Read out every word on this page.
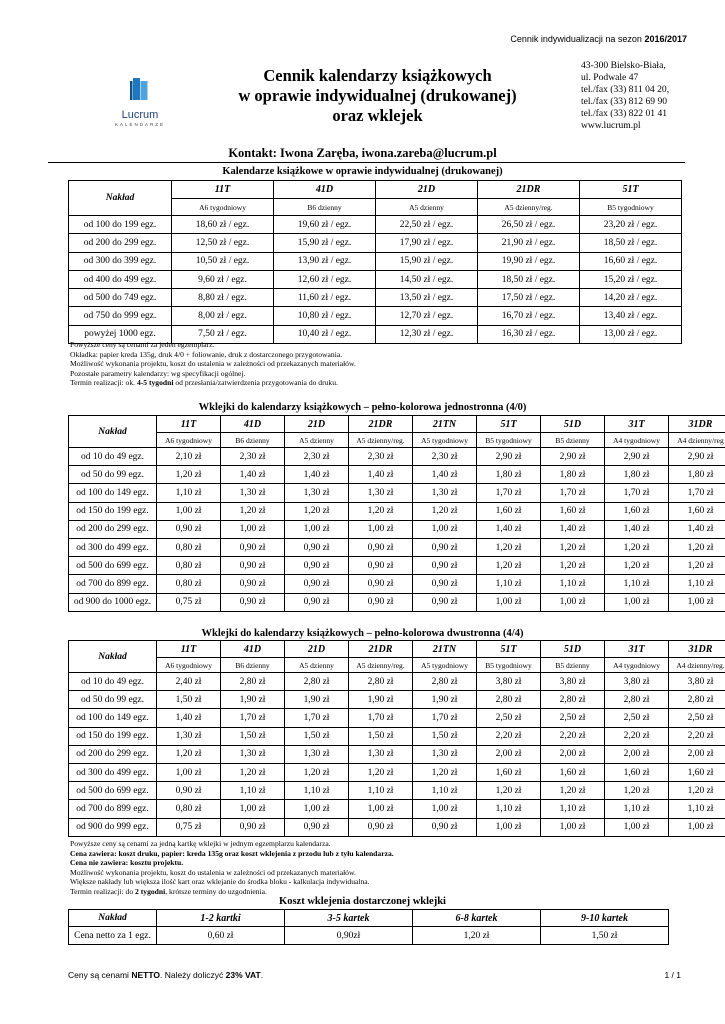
Cennik indywidualizacji na sezon 2016/2017
Lucrum
KALENDARZE
Cennik kalendarzy książkowych
w oprawie indywidualnej (drukowanej)
oraz wklejek
43-300 Bielsko-Biała,
ul. Podwale 47
tel./fax (33) 811 04 20,
tel./fax (33) 812 69 90
tel./fax (33) 822 01 41
www.lucrum.pl
Kontakt: Iwona Zaręba, iwona.zareba@lucrum.pl
Kalendarze książkowe w oprawie indywidualnej (drukowanej)
Nakład	11T	41D	21D	21DR	51T
	A6 tygodniowy	B6 dzienny	A5 dzienny	A5 dzienny/reg.	B5 tygodniowy
od 100 do 199 egz.	18,60 zł / egz.	19,60 zł / egz.	22,50 zł / egz.	26,50 zł / egz.	23,20 zł / egz.
od 200 do 299 egz.	12,50 zł / egz.	15,90 zł / egz.	17,90 zł / egz.	21,90 zł / egz.	18,50 zł / egz.
od 300 do 399 egz.	10,50 zł / egz.	13,90 zł / egz.	15,90 zł / egz.	19,90 zł / egz.	16,60 zł / egz.
od 400 do 499 egz.	9,60 zł / egz.	12,60 zł / egz.	14,50 zł / egz.	18,50 zł / egz.	15,20 zł / egz.
od 500 do 749 egz.	8,80 zł / egz.	11,60 zł / egz.	13,50 zł / egz.	17,50 zł / egz.	14,20 zł / egz.
od 750 do 999 egz.	8,00 zł / egz.	10,80 zł / egz.	12,70 zł / egz.	16,70 zł / egz.	13,40 zł / egz.
powyżej 1000 egz.	7,50 zł / egz.	10,40 zł / egz.	12,30 zł / egz.	16,30 zł / egz.	13,00 zł / egz.
Powyższe ceny są cenami za jeden egzemplarz.
Okładka: papier kreda 135g, druk 4/0 + foliowanie, druk z dostarczonego przygotowania.
Możliwość wykonania projektu, koszt do ustalenia w zależności od przekazanych materiałów.
Pozostałe parametry kalendarzy: wg specyfikacji ogólnej.
Termin realizacji: ok. 4-5 tygodni od przesłania/zatwierdzenia przygotowania do druku.
Wklejki do kalendarzy książkowych – pełno-kolorowa jednostronna (4/0)
Nakład	11T	41D	21D	21DR	21TN	51T	51D	31T	31DR
	A6 tygodniowy	B6 dzienny	A5 dzienny	A5 dzienny/reg.	A5 tygodniowy	B5 tygodniowy	B5 dzienny	A4 tygodniowy	A4 dzienny/reg
od 10 do 49 egz.	2,10 zł	2,30 zł	2,30 zł	2,30 zł	2,30 zł	2,90 zł	2,90 zł	2,90 zł	2,90 zł
od 50 do 99 egz.	1,20 zł	1,40 zł	1,40 zł	1,40 zł	1,40 zł	1,80 zł	1,80 zł	1,80 zł	1,80 zł
od 100 do 149 egz.	1,10 zł	1,30 zł	1,30 zł	1,30 zł	1,30 zł	1,70 zł	1,70 zł	1,70 zł	1,70 zł
od 150 do 199 egz.	1,00 zł	1,20 zł	1,20 zł	1,20 zł	1,20 zł	1,60 zł	1,60 zł	1,60 zł	1,60 zł
od 200 do 299 egz.	0,90 zł	1,00 zł	1,00 zł	1,00 zł	1,00 zł	1,40 zł	1,40 zł	1,40 zł	1,40 zł
od 300 do 499 egz.	0,80 zł	0,90 zł	0,90 zł	0,90 zł	0,90 zł	1,20 zł	1,20 zł	1,20 zł	1,20 zł
od 500 do 699 egz.	0,80 zł	0,90 zł	0,90 zł	0,90 zł	0,90 zł	1,20 zł	1,20 zł	1,20 zł	1,20 zł
od 700 do 899 egz.	0,80 zł	0,90 zł	0,90 zł	0,90 zł	0,90 zł	1,10 zł	1,10 zł	1,10 zł	1,10 zł
od 900 do 1000 egz.	0,75 zł	0,90 zł	0,90 zł	0,90 zł	0,90 zł	1,00 zł	1,00 zł	1,00 zł	1,00 zł
Wklejki do kalendarzy książkowych – pełno-kolorowa dwustronna (4/4)
Nakład	11T	41D	21D	21DR	21TN	51T	51D	31T	31DR
	A6 tygodniowy	B6 dzienny	A5 dzienny	A5 dzienny/reg.	A5 tygodniowy	B5 tygodniowy	B5 dzienny	A4 tygodniowy	A4 dzienny/reg.
od 10 do 49 egz.	2,40 zł	2,80 zł	2,80 zł	2,80 zł	2,80 zł	3,80 zł	3,80 zł	3,80 zł	3,80 zł
od 50 do 99 egz.	1,50 zł	1,90 zł	1,90 zł	1,90 zł	1,90 zł	2,80 zł	2,80 zł	2,80 zł	2,80 zł
od 100 do 149 egz.	1,40 zł	1,70 zł	1,70 zł	1,70 zł	1,70 zł	2,50 zł	2,50 zł	2,50 zł	2,50 zł
od 150 do 199 egz.	1,30 zł	1,50 zł	1,50 zł	1,50 zł	1,50 zł	2,20 zł	2,20 zł	2,20 zł	2,20 zł
od 200 do 299 egz.	1,20 zł	1,30 zł	1,30 zł	1,30 zł	1,30 zł	2,00 zł	2,00 zł	2,00 zł	2,00 zł
od 300 do 499 egz.	1,00 zł	1,20 zł	1,20 zł	1,20 zł	1,20 zł	1,60 zł	1,60 zł	1,60 zł	1,60 zł
od 500 do 699 egz.	0,90 zł	1,10 zł	1,10 zł	1,10 zł	1,10 zł	1,20 zł	1,20 zł	1,20 zł	1,20 zł
od 700 do 899 egz.	0,80 zł	1,00 zł	1,00 zł	1,00 zł	1,00 zł	1,10 zł	1,10 zł	1,10 zł	1,10 zł
od 900 do 999 egz.	0,75 zł	0,90 zł	0,90 zł	0,90 zł	0,90 zł	1,00 zł	1,00 zł	1,00 zł	1,00 zł
Powyższe ceny są cenami za jedną kartkę wklejki w jednym egzemplarzu kalendarza.
Cena zawiera: koszt druku, papier: kreda 135g oraz koszt wklejenia z przodu lub z tyłu kalendarza.
Cena nie zawiera: kosztu projektu.
Możliwość wykonania projektu, koszt do ustalenia w zależności od przekazanych materiałów.
Większe nakłady lub większa ilość kart oraz wklejanie do środka bloku - kalkulacja indywidualna.
Termin realizacji: do 2 tygodni, krótsze terminy do uzgodnienia.
Koszt wklejenia dostarczonej wklejki
Nakład	1-2 kartki	3-5 kartek	6-8 kartek	9-10 kartek
Cena netto za 1 egz.	0,60 zł	0,90zł	1,20 zł	1,50 zł
Ceny są cenami NETTO. Należy doliczyć 23% VAT.	1 / 1
